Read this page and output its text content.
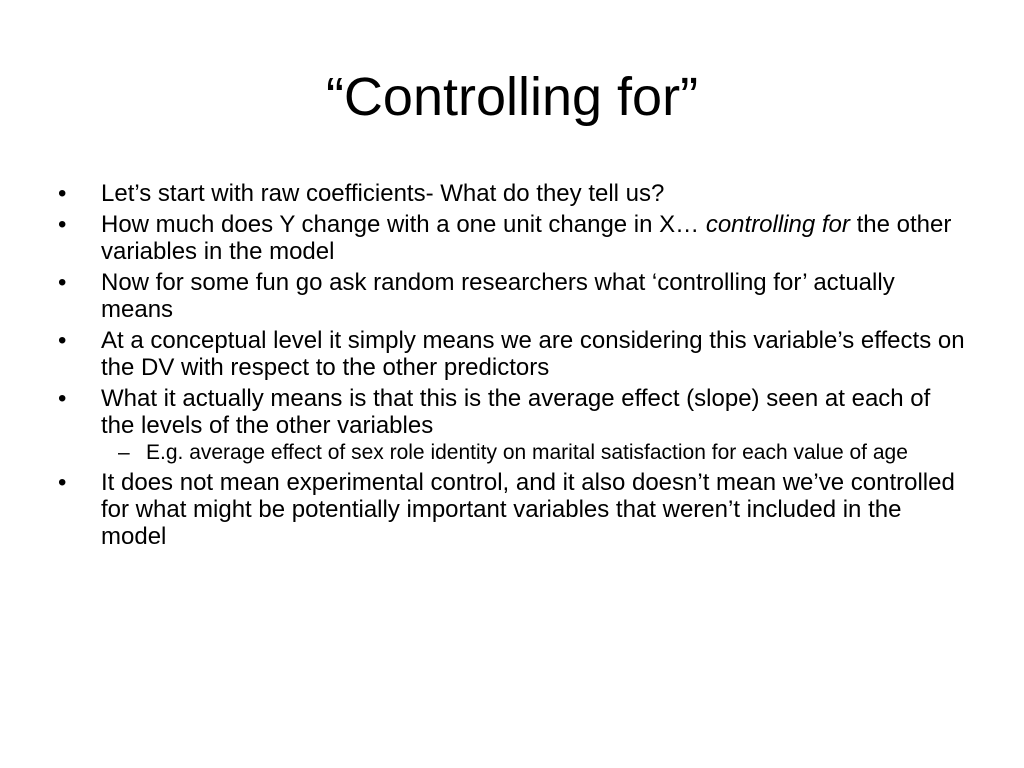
“Controlling for”
•	Let’s start with raw coefficients- What do they tell us?
•	How much does Y change with a one unit change in X… controlling for the other variables in the model
•	Now for some fun go ask random researchers what ‘controlling for’ actually means
•	At a conceptual level it simply means we are considering this variable’s effects on the DV with respect to the other predictors
•	What it actually means is that this is the average effect (slope) seen at each of the levels of the other variables
– E.g. average effect of sex role identity on marital satisfaction for each value of age
•	It does not mean experimental control, and it also doesn’t mean we’ve controlled for what might be potentially important variables that weren’t included in the model
